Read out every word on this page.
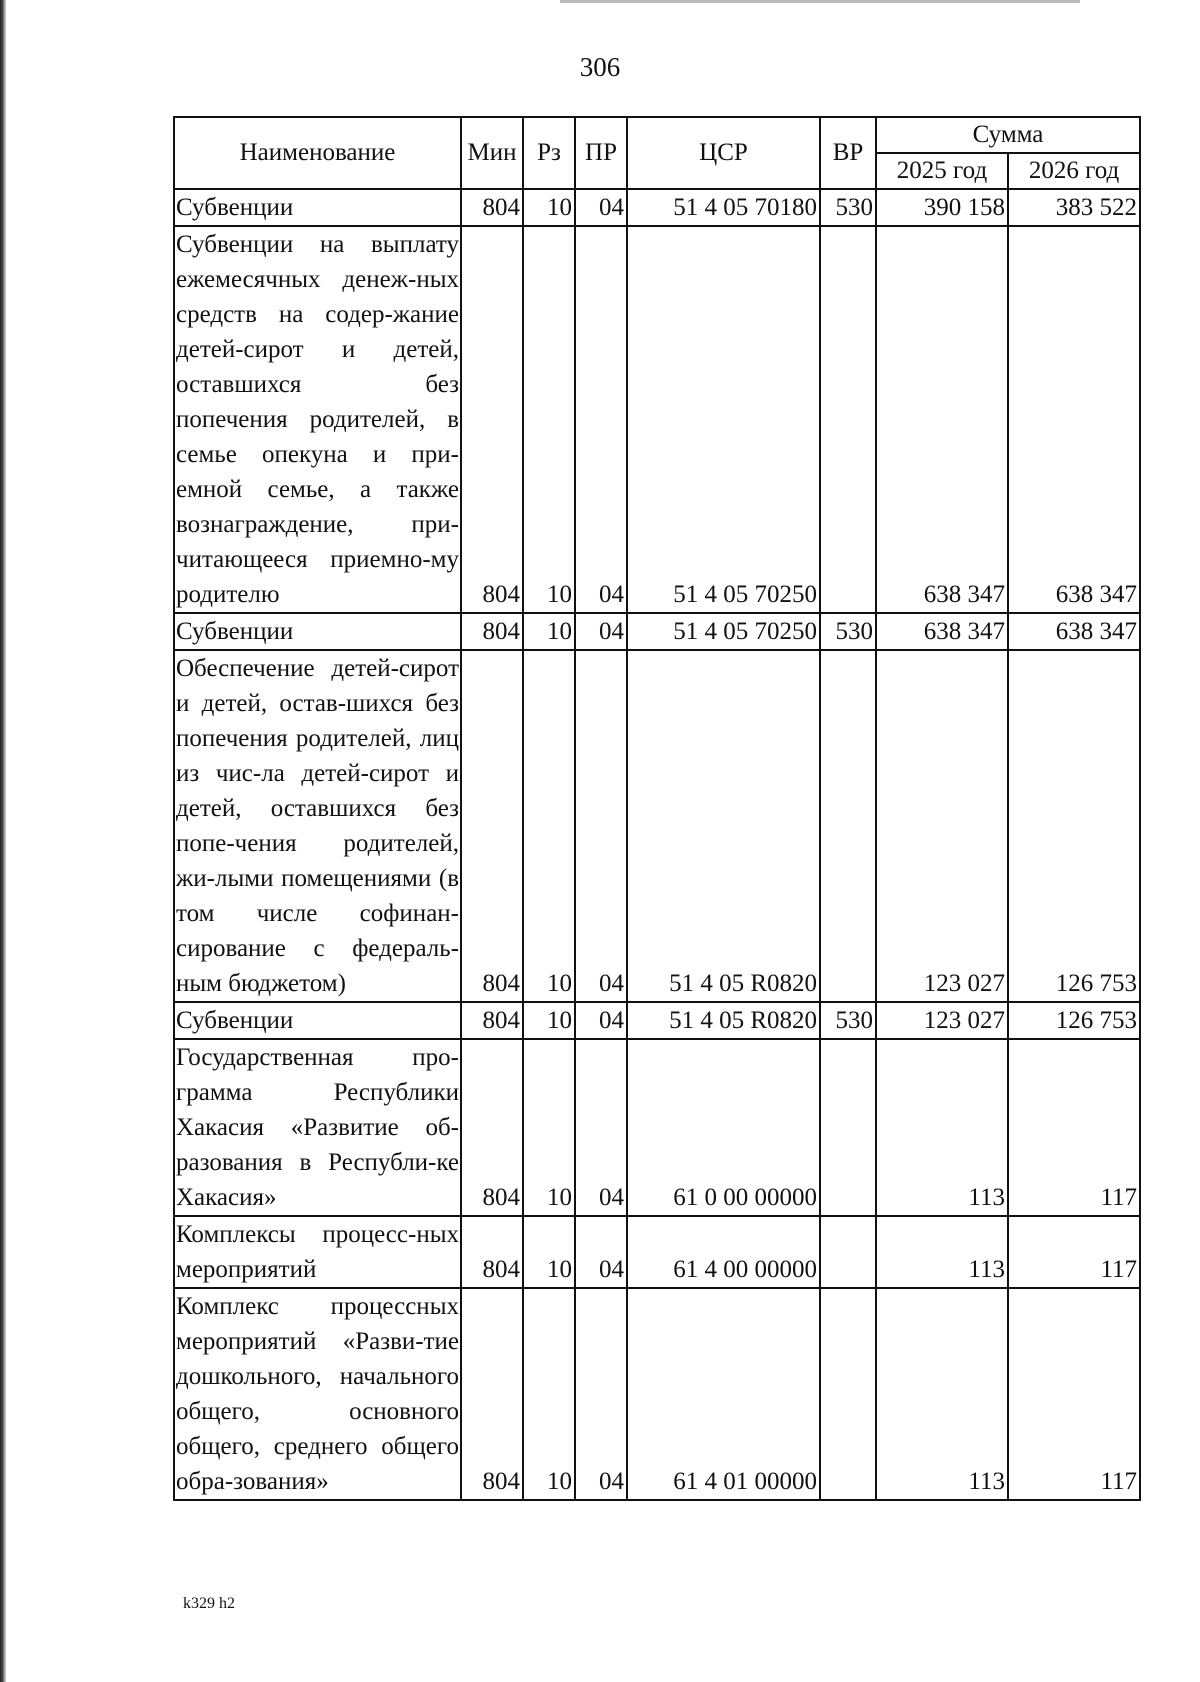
306
Наименование	Мин	Рз	ПР	ЦСР	ВР	Сумма	
						2025 год	2026 год
Субвенции	804	10	04	51 4 05 70180	530	390 158	383 522
Субвенции на выплату ежемесячных денеж-ных средств на содер-жание детей-сирот и детей, оставшихся без попечения родителей, в семье опекуна и при-емной семье, а также вознаграждение, при-читающееся приемно-му родителю	804	10	04	51 4 05 70250		638 347	638 347
Субвенции	804	10	04	51 4 05 70250	530	638 347	638 347
Обеспечение детей-сирот и детей, остав-шихся без попечения родителей, лиц из чис-ла детей-сирот и детей, оставшихся без попе-чения родителей, жи-лыми помещениями (в том числе софинан-сирование с федераль-ным бюджетом)	804	10	04	51 4 05 R0820		123 027	126 753
Субвенции	804	10	04	51 4 05 R0820	530	123 027	126 753
Государственная про-грамма Республики Хакасия «Развитие об-разования в Республи-ке Хакасия»	804	10	04	61 0 00 00000		113	117
Комплексы процесс-ных мероприятий	804	10	04	61 4 00 00000		113	117
Комплекс процессных мероприятий «Разви-тие дошкольного, начального общего, основного общего, среднего общего обра-зования»	804	10	04	61 4 01 00000		113	117
k329 h2
